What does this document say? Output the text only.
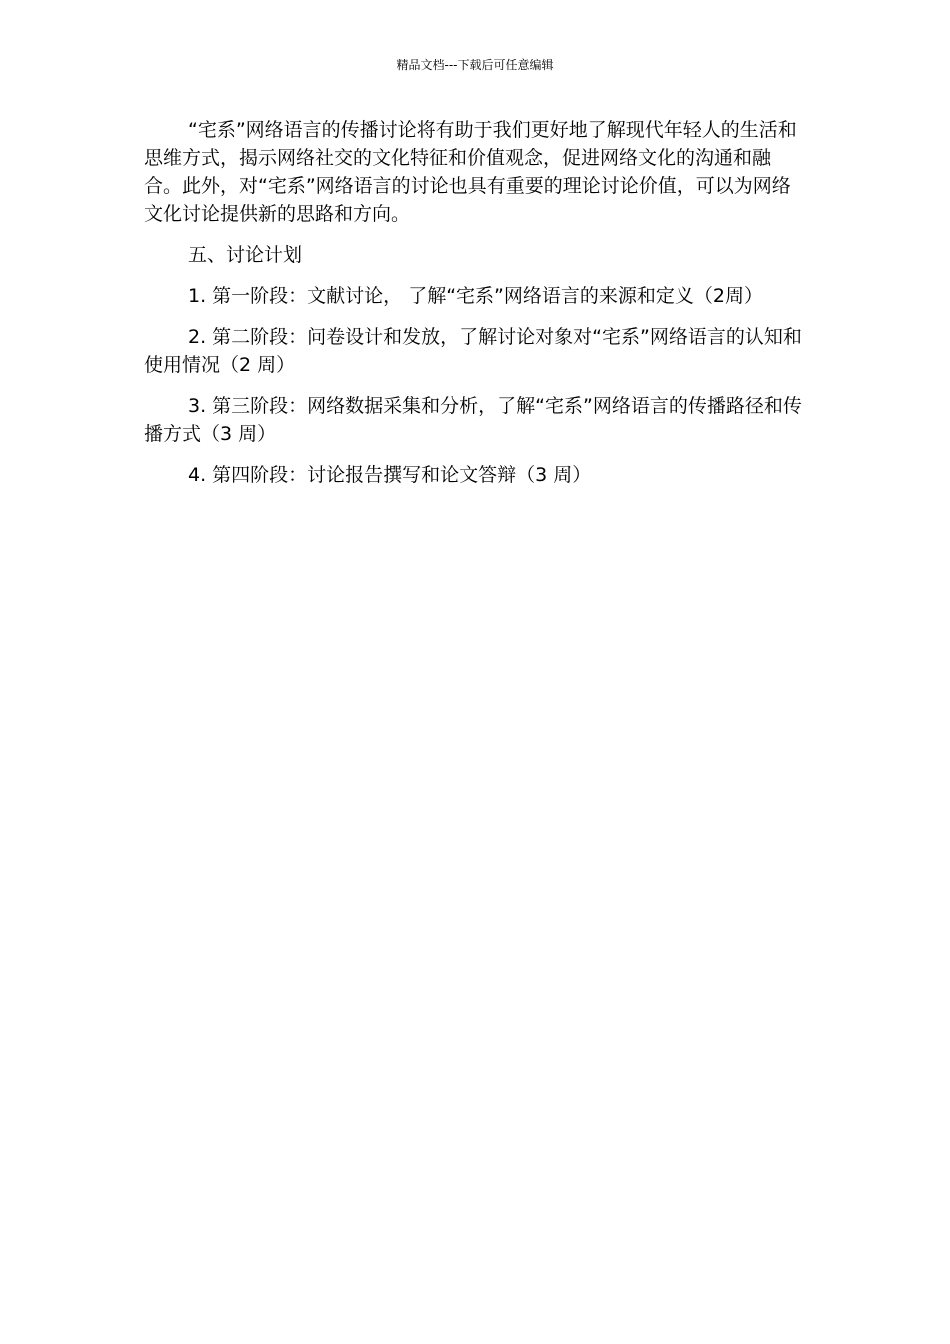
精品文档---下载后可任意编辑

“宅系”网络语言的传播讨论将有助于我们更好地了解现代年轻人的生活和思维方式，揭示网络社交的文化特征和价值观念，促进网络文化的沟通和融合。此外，对“宅系”网络语言的讨论也具有重要的理论讨论价值，可以为网络文化讨论提供新的思路和方向。

五、讨论计划

1. 第一阶段：文献讨论， 了解“宅系”网络语言的来源和定义（2周）

2. 第二阶段：问卷设计和发放，了解讨论对象对“宅系”网络语言的认知和使用情况（2 周）

3. 第三阶段：网络数据采集和分析，了解“宅系”网络语言的传播路径和传播方式（3 周）

4. 第四阶段：讨论报告撰写和论文答辩（3 周）
